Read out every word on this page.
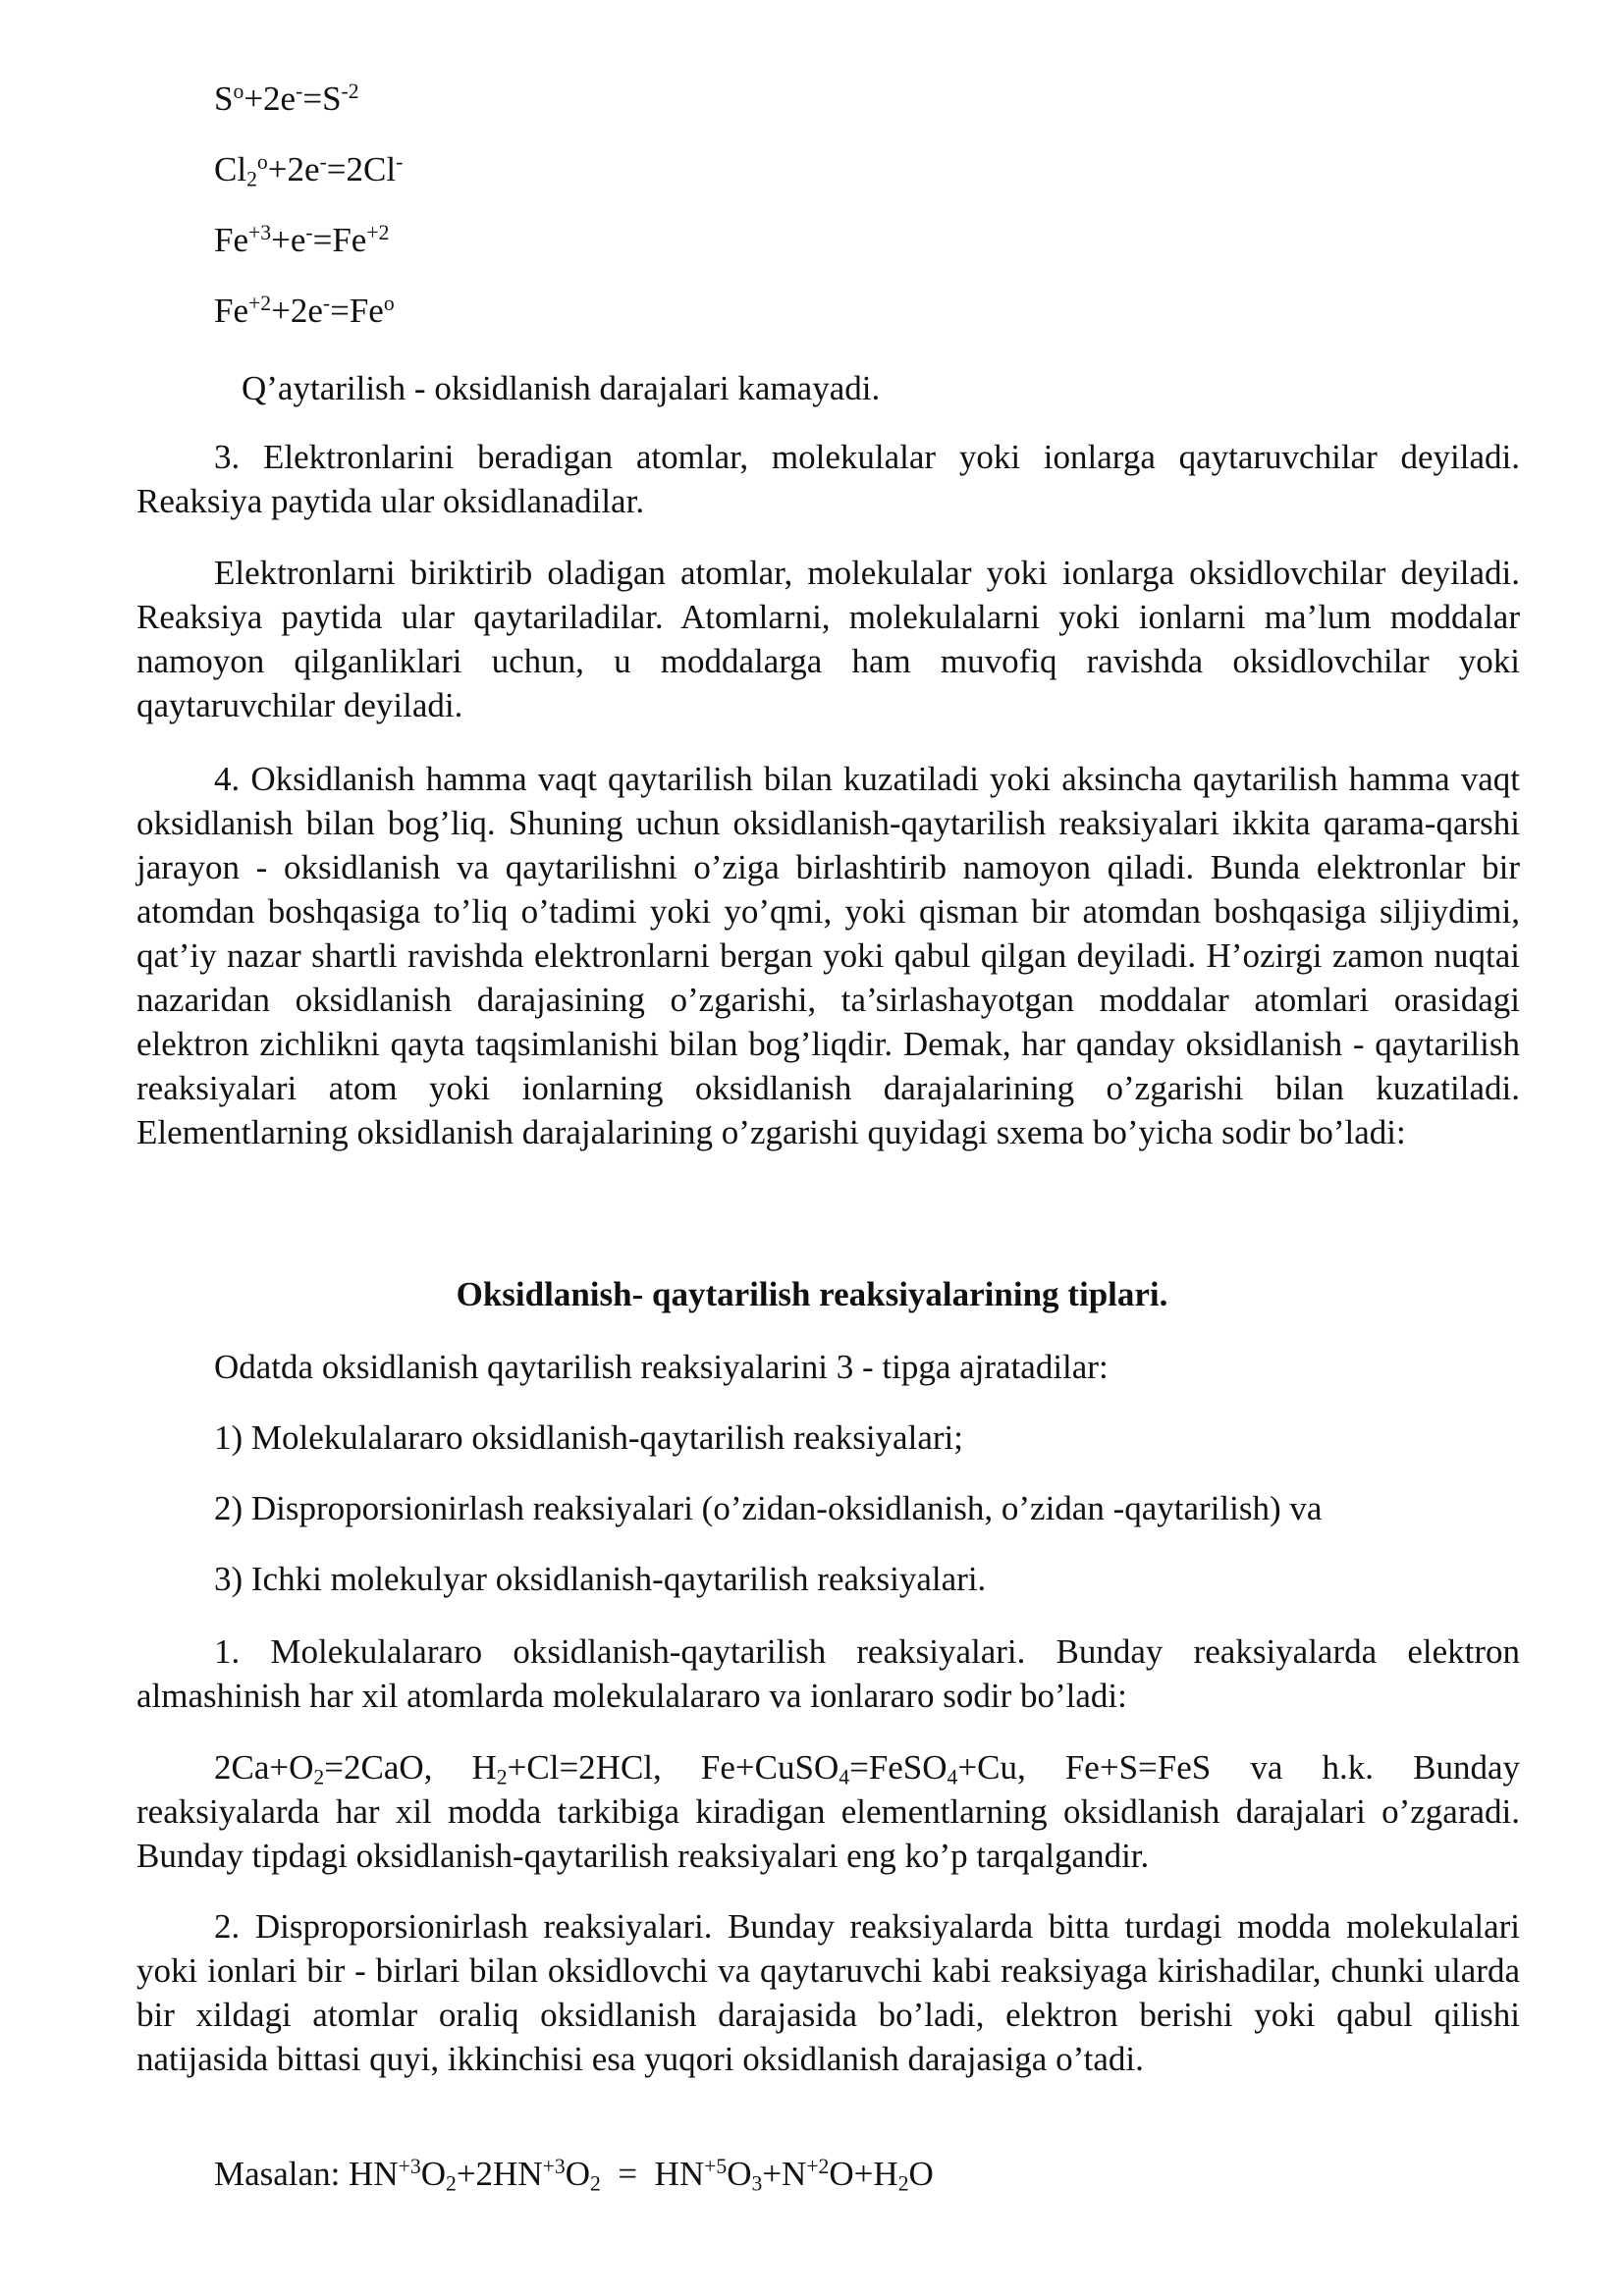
$S^o+2e^-=S^{-2}$
$Cl_2^o+2e^-=2Cl^-$
$Fe^{+3}+e^-=Fe^{+2}$
$Fe^{+2}+2e^-=Fe^o$
Q’aytarilish - oksidlanish darajalari kamayadi.

3. Elektronlarini beradigan atomlar, molekulalar yoki ionlarga qaytaruvchilar deyiladi. Reaksiya paytida ular oksidlanadilar.

Elektronlarni biriktirib oladigan atomlar, molekulalar yoki ionlarga oksidlovchilar deyiladi. Reaksiya paytida ular qaytariladilar. Atomlarni, molekulalarni yoki ionlarni ma’lum moddalar namoyon qilganliklari uchun, u moddalarga ham muvofiq ravishda oksidlovchilar yoki qaytaruvchilar deyiladi.

4. Oksidlanish hamma vaqt qaytarilish bilan kuzatiladi yoki aksincha qaytarilish hamma vaqt oksidlanish bilan bog’liq. Shuning uchun oksidlanish-qaytarilish reaksiyalari ikkita qarama-qarshi jarayon - oksidlanish va qaytarilishni o’ziga birlashtirib namoyon qiladi. Bunda elektronlar bir atomdan boshqasiga to’liq o’tadimi yoki yo’qmi, yoki qisman bir atomdan boshqasiga siljiydimi, qat’iy nazar shartli ravishda elektronlarni bergan yoki qabul qilgan deyiladi. H’ozirgi zamon nuqtai nazaridan oksidlanish darajasining o’zgarishi, ta’sirlashayotgan moddalar atomlari orasidagi elektron zichlikni qayta taqsimlanishi bilan bog’liqdir. Demak, har qanday oksidlanish - qaytarilish reaksiyalari atom yoki ionlarning oksidlanish darajalarining o’zgarishi bilan kuzatiladi. Elementlarning oksidlanish darajalarining o’zgarishi quyidagi sxema bo’yicha sodir bo’ladi:

Oksidlanish- qaytarilish reaksiyalarining tiplari.
Odatda oksidlanish qaytarilish reaksiyalarini 3 - tipga ajratadilar:
1) Molekulalararo oksidlanish-qaytarilish reaksiyalari;
2) Disproporsionirlash reaksiyalari (o’zidan-oksidlanish, o’zidan -qaytarilish) va
3) Ichki molekulyar oksidlanish-qaytarilish reaksiyalari.

1. Molekulalararo oksidlanish-qaytarilish reaksiyalari. Bunday reaksiyalarda elektron almashinish har xil atomlarda molekulalararo va ionlararo sodir bo’ladi:

$2Ca+O_2=2CaO$, $H_2+Cl=2HCl$, Fe+CuSO$_4$=FeSO$_4$+Cu, Fe+S=FeS va h.k. Bunday reaksiyalarda har xil modda tarkibiga kiradigan elementlarning oksidlanish darajalari o’zgaradi. Bunday tipdagi oksidlanish-qaytarilish reaksiyalari eng ko’p tarqalgandir.

2. Disproporsionirlash reaksiyalari. Bunday reaksiyalarda bitta turdagi modda molekulalari yoki ionlari bir - birlari bilan oksidlovchi va qaytaruvchi kabi reaksiyaga kirishadilar, chunki ularda bir xildagi atomlar oraliq oksidlanish darajasida bo’ladi, elektron berishi yoki qabul qilishi natijasida bittasi quyi, ikkinchisi esa yuqori oksidlanish darajasiga o’tadi.

Masalan: $HN^{+3}O_2+2HN^{+3}O_2 = HN^{+5}O_3+N^{+2}O+H_2O$
